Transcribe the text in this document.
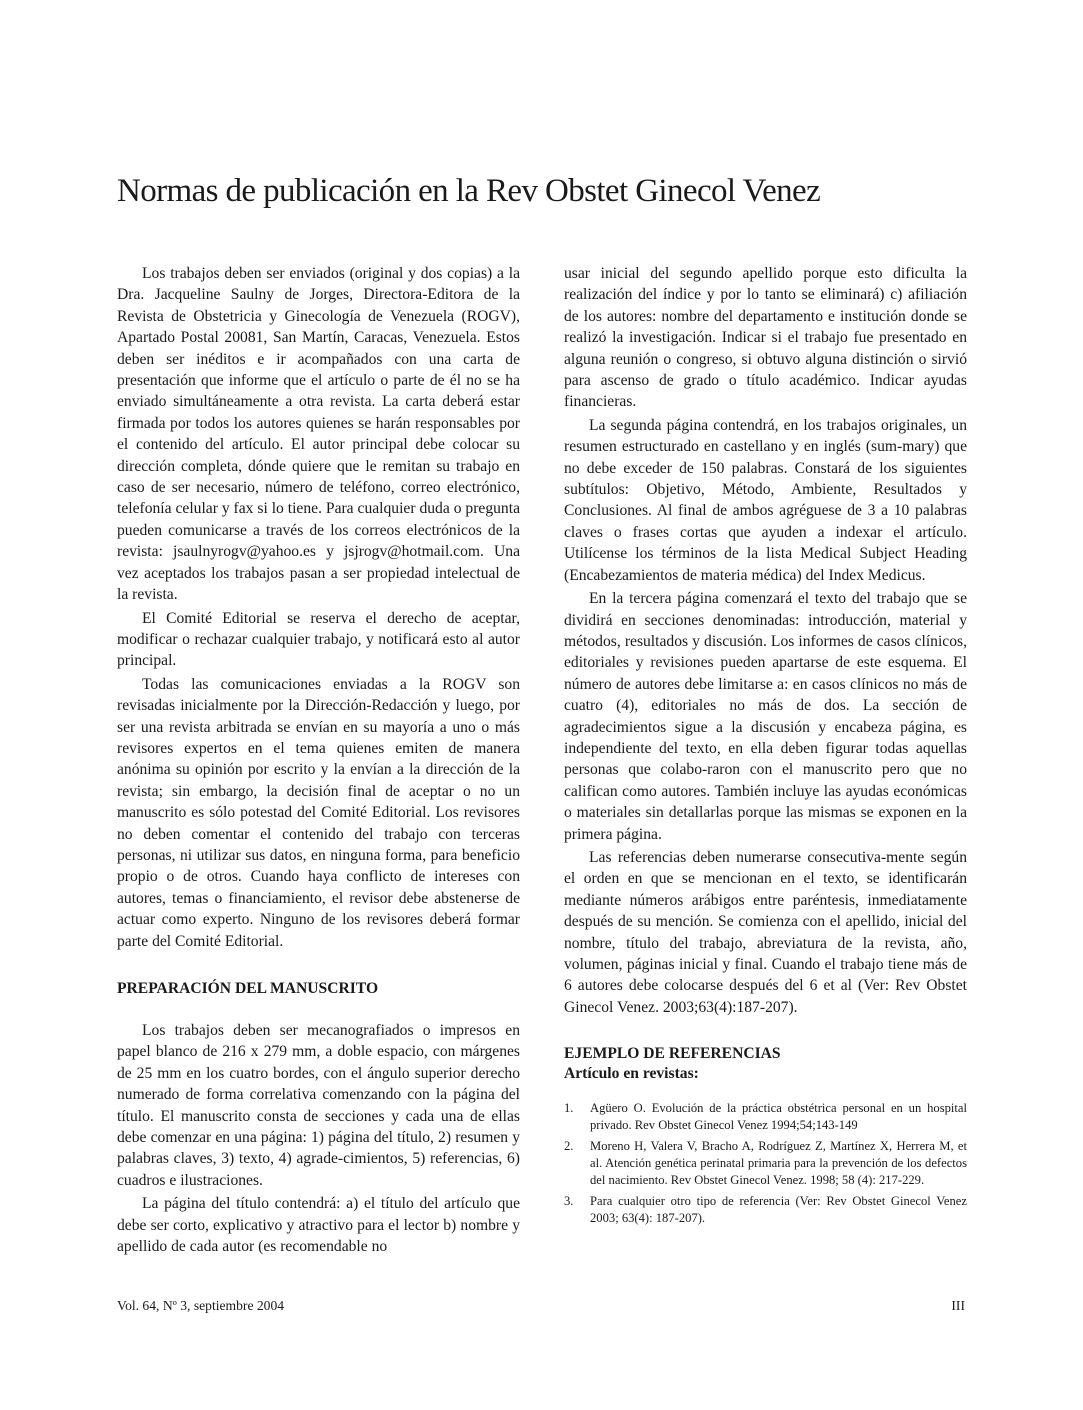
Normas de publicación en la Rev Obstet Ginecol Venez

Los trabajos deben ser enviados (original y dos copias) a la Dra. Jacqueline Saulny de Jorges, Directora-Editora de la Revista de Obstetricia y Ginecología de Venezuela (ROGV), Apartado Postal 20081, San Martín, Caracas, Venezuela. Estos deben ser inéditos e ir acompañados con una carta de presentación que informe que el artículo o parte de él no se ha enviado simultáneamente a otra revista. La carta deberá estar firmada por todos los autores quienes se harán responsables por el contenido del artículo. El autor principal debe colocar su dirección completa, dónde quiere que le remitan su trabajo en caso de ser necesario, número de teléfono, correo electrónico, telefonía celular y fax si lo tiene. Para cualquier duda o pregunta pueden comunicarse a través de los correos electrónicos de la revista: jsaulnyrogv@yahoo.es y jsjrogv@hotmail.com. Una vez aceptados los trabajos pasan a ser propiedad intelectual de la revista.

El Comité Editorial se reserva el derecho de aceptar, modificar o rechazar cualquier trabajo, y notificará esto al autor principal.

Todas las comunicaciones enviadas a la ROGV son revisadas inicialmente por la Dirección-Redacción y luego, por ser una revista arbitrada se envían en su mayoría a uno o más revisores expertos en el tema quienes emiten de manera anónima su opinión por escrito y la envían a la dirección de la revista; sin embargo, la decisión final de aceptar o no un manuscrito es sólo potestad del Comité Editorial. Los revisores no deben comentar el contenido del trabajo con terceras personas, ni utilizar sus datos, en ninguna forma, para beneficio propio o de otros. Cuando haya conflicto de intereses con autores, temas o financiamiento, el revisor debe abstenerse de actuar como experto. Ninguno de los revisores deberá formar parte del Comité Editorial.

PREPARACIÓN DEL MANUSCRITO

Los trabajos deben ser mecanografiados o impresos en papel blanco de 216 x 279 mm, a doble espacio, con márgenes de 25 mm en los cuatro bordes, con el ángulo superior derecho numerado de forma correlativa comenzando con la página del título. El manuscrito consta de secciones y cada una de ellas debe comenzar en una página: 1) página del título, 2) resumen y palabras claves, 3) texto, 4) agrade-cimientos, 5) referencias, 6) cuadros e ilustraciones.

La página del título contendrá: a) el título del artículo que debe ser corto, explicativo y atractivo para el lector b) nombre y apellido de cada autor (es recomendable no

usar inicial del segundo apellido porque esto dificulta la realización del índice y por lo tanto se eliminará) c) afiliación de los autores: nombre del departamento e institución donde se realizó la investigación. Indicar si el trabajo fue presentado en alguna reunión o congreso, si obtuvo alguna distinción o sirvió para ascenso de grado o título académico. Indicar ayudas financieras.

La segunda página contendrá, en los trabajos originales, un resumen estructurado en castellano y en inglés (sum-mary) que no debe exceder de 150 palabras. Constará de los siguientes subtítulos: Objetivo, Método, Ambiente, Resultados y Conclusiones. Al final de ambos agréguese de 3 a 10 palabras claves o frases cortas que ayuden a indexar el artículo. Utilícense los términos de la lista Medical Subject Heading (Encabezamientos de materia médica) del Index Medicus.

En la tercera página comenzará el texto del trabajo que se dividirá en secciones denominadas: introducción, material y métodos, resultados y discusión. Los informes de casos clínicos, editoriales y revisiones pueden apartarse de este esquema. El número de autores debe limitarse a: en casos clínicos no más de cuatro (4), editoriales no más de dos. La sección de agradecimientos sigue a la discusión y encabeza página, es independiente del texto, en ella deben figurar todas aquellas personas que colabo-raron con el manuscrito pero que no califican como autores. También incluye las ayudas económicas o materiales sin detallarlas porque las mismas se exponen en la primera página.

Las referencias deben numerarse consecutiva-mente según el orden en que se mencionan en el texto, se identificarán mediante números arábigos entre paréntesis, inmediatamente después de su mención. Se comienza con el apellido, inicial del nombre, título del trabajo, abreviatura de la revista, año, volumen, páginas inicial y final. Cuando el trabajo tiene más de 6 autores debe colocarse después del 6 et al (Ver: Rev Obstet Ginecol Venez. 2003;63(4):187-207).

EJEMPLO DE REFERENCIAS
Artículo en revistas:
1. Agüero O. Evolución de la práctica obstétrica personal en un hospital privado. Rev Obstet Ginecol Venez 1994;54;143-149
2. Moreno H, Valera V, Bracho A, Rodríguez Z, Martínez X, Herrera M, et al. Atención genética perinatal primaria para la prevención de los defectos del nacimiento. Rev Obstet Ginecol Venez. 1998; 58 (4): 217-229.
3. Para cualquier otro tipo de referencia (Ver: Rev Obstet Ginecol Venez 2003; 63(4): 187-207).
Vol. 64, Nº 3, septiembre 2004	III
